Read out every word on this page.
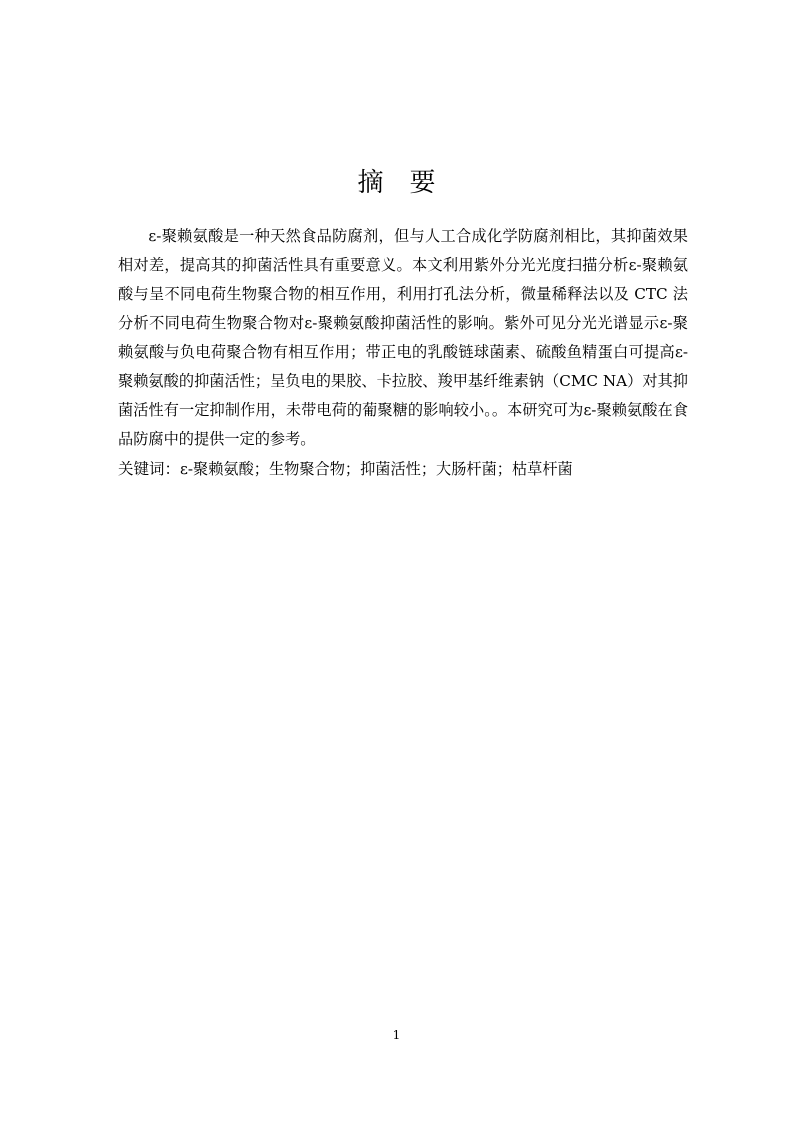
摘要

ε-聚赖氨酸是一种天然食品防腐剂，但与人工合成化学防腐剂相比，其抑菌效果相对差，提高其的抑菌活性具有重要意义。本文利用紫外分光光度扫描分析ε-聚赖氨酸与呈不同电荷生物聚合物的相互作用，利用打孔法分析，微量稀释法以及 CTC 法分析不同电荷生物聚合物对ε-聚赖氨酸抑菌活性的影响。紫外可见分光光谱显示ε-聚赖氨酸与负电荷聚合物有相互作用；带正电的乳酸链球菌素、硫酸鱼精蛋白可提高ε-聚赖氨酸的抑菌活性；呈负电的果胶、卡拉胶、羧甲基纤维素钠（CMC NA）对其抑菌活性有一定抑制作用，未带电荷的葡聚糖的影响较小。。本研究可为ε-聚赖氨酸在食品防腐中的提供一定的参考。

关键词：ε-聚赖氨酸；生物聚合物；抑菌活性；大肠杆菌；枯草杆菌

1
